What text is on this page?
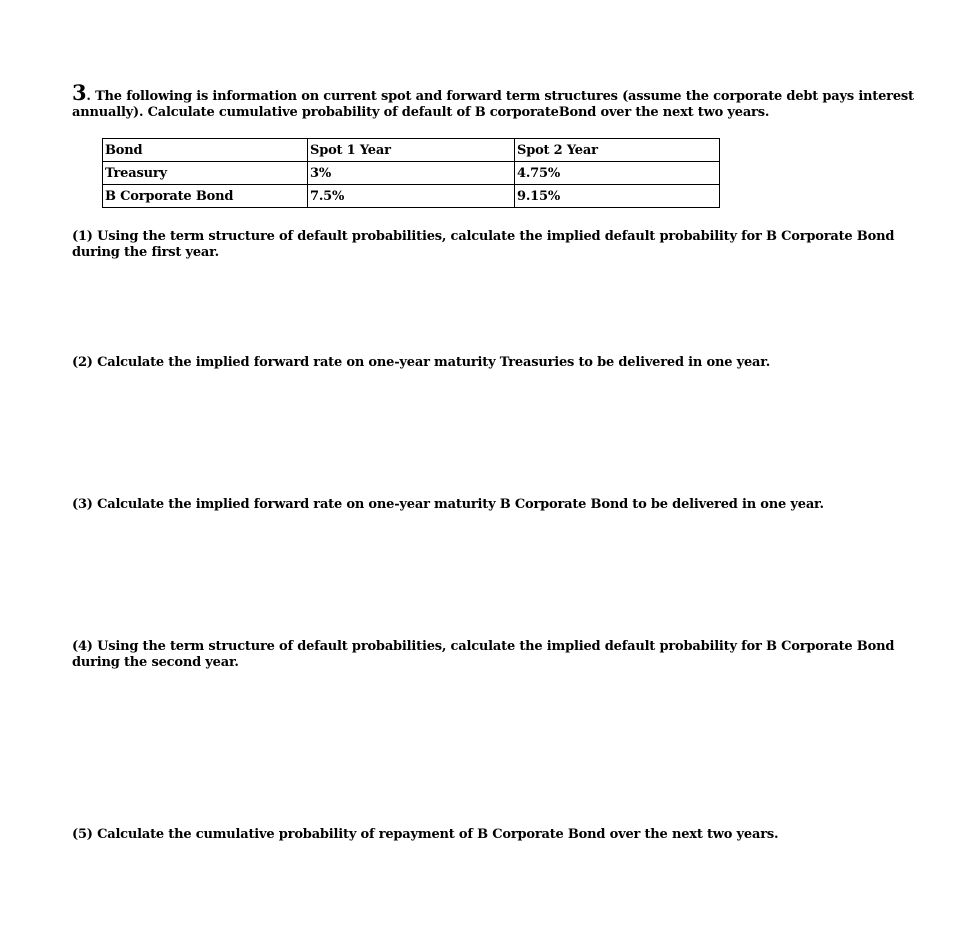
3. The following is information on current spot and forward term structures (assume the corporate debt pays interest annually). Calculate cumulative probability of default of B corporateBond over the next two years.
Bond	Spot 1 Year	Spot 2 Year
Treasury	3%	4.75%
B Corporate Bond	7.5%	9.15%
(1) Using the term structure of default probabilities, calculate the implied default probability for B Corporate Bond during the first year.
(2) Calculate the implied forward rate on one-year maturity Treasuries to be delivered in one year.
(3) Calculate the implied forward rate on one-year maturity B Corporate Bond to be delivered in one year.
(4) Using the term structure of default probabilities, calculate the implied default probability for B Corporate Bond during the second year.
(5) Calculate the cumulative probability of repayment of B Corporate Bond over the next two years.
